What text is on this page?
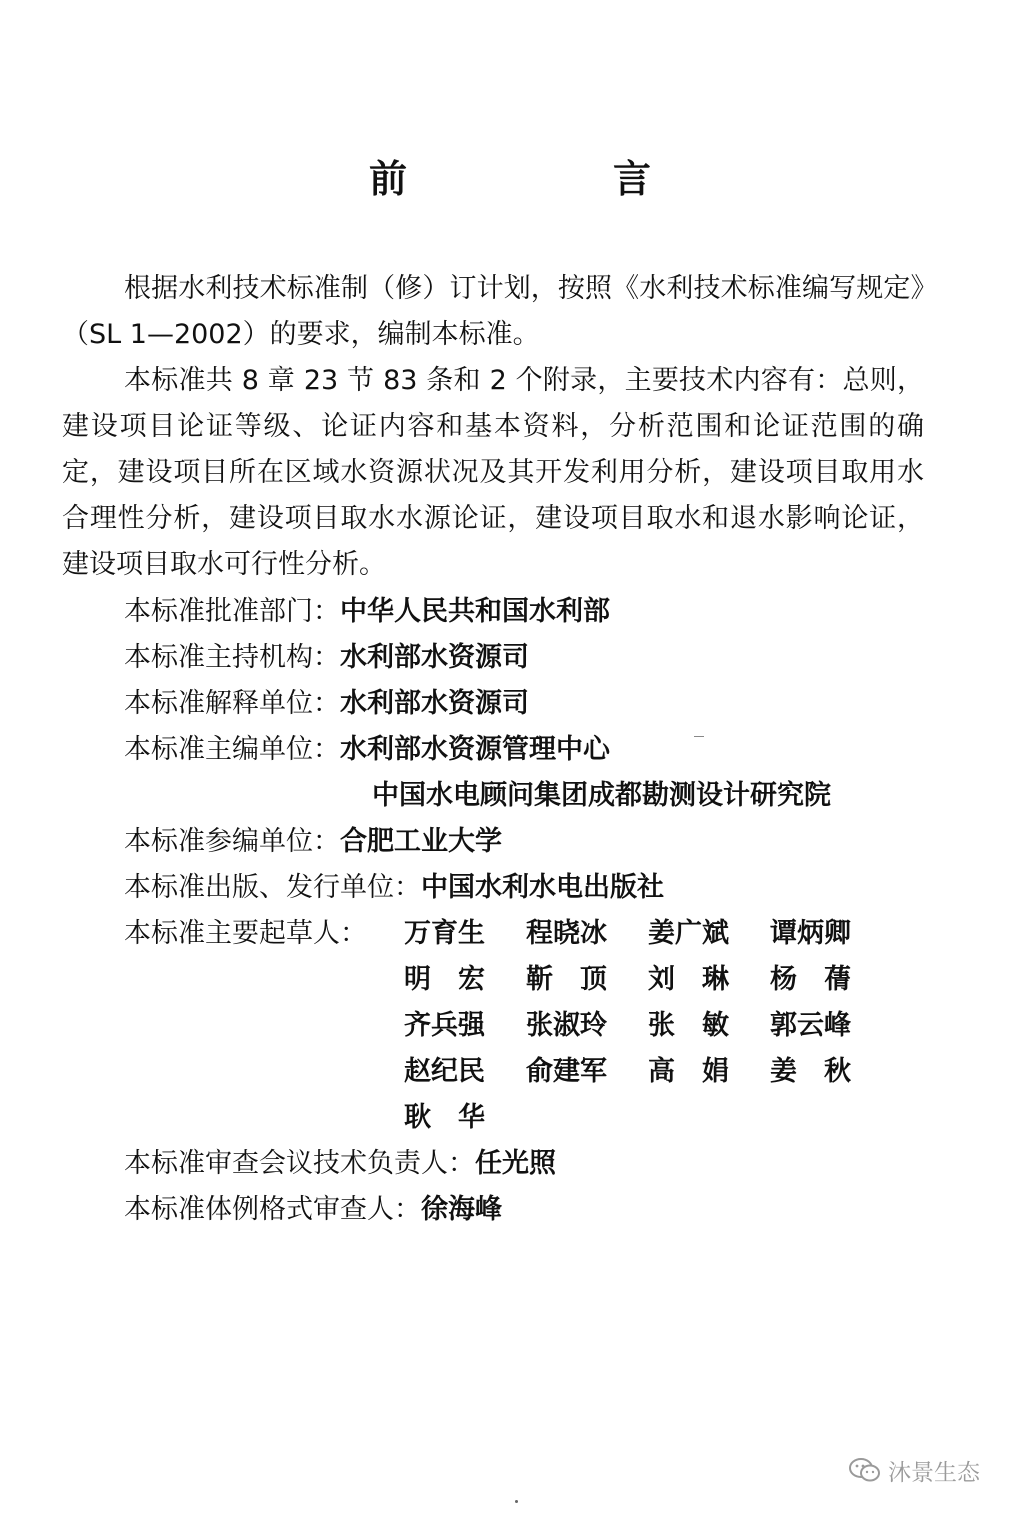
前　言
根据水利技术标准制（修）订计划，按照《水利技术标准编写规定》（SL 1—2002）的要求，编制本标准。
本标准共 8 章 23 节 83 条和 2 个附录，主要技术内容有：总则，建设项目论证等级、论证内容和基本资料，分析范围和论证范围的确定，建设项目所在区域水资源状况及其开发利用分析，建设项目取用水合理性分析，建设项目取水水源论证，建设项目取水和退水影响论证，建设项目取水可行性分析。
本标准批准部门：中华人民共和国水利部
本标准主持机构：水利部水资源司
本标准解释单位：水利部水资源司
本标准主编单位：水利部水资源管理中心
中国水电顾问集团成都勘测设计研究院
本标准参编单位：合肥工业大学
本标准出版、发行单位：中国水利水电出版社
本标准主要起草人： 万育生	程晓冰	姜广斌	谭炳卿
明宏 靳顶 刘琳 杨蒨
齐兵强	张淑玲	张敏 郭云峰
赵纪民	俞建军	高娟 姜秋
耿华
本标准审查会议技术负责人：任光照
本标准体例格式审查人：徐海峰
沐景生态
